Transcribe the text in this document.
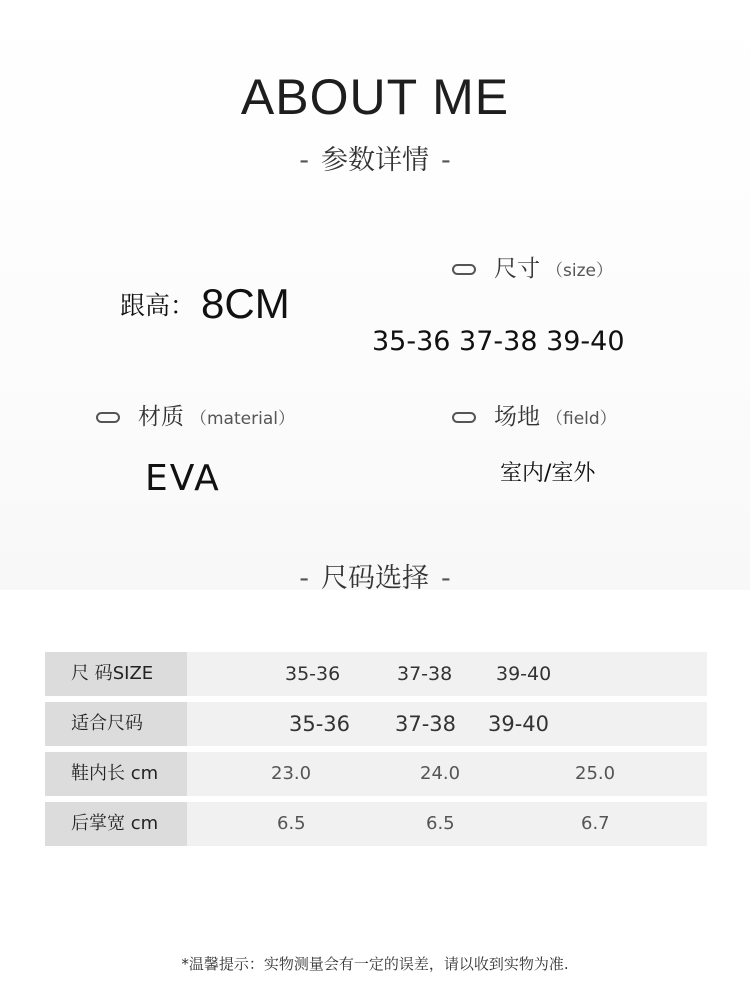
ABOUT ME
- 参数详情 -
尺寸 （size）
跟高： 8CM
35-36 37-38 39-40
材质 （material）	场地 （field）
EVA	室内/室外
- 尺码选择 -
尺 码SIZE	35-36	37-38 39-40
适合尺码	35-36 37-38 39-40
鞋内长 cm	23.0	24.0	25.0
后掌宽 cm	6.5	6.5	6.7
*温馨提示：实物测量会有一定的误差，请以收到实物为准.
